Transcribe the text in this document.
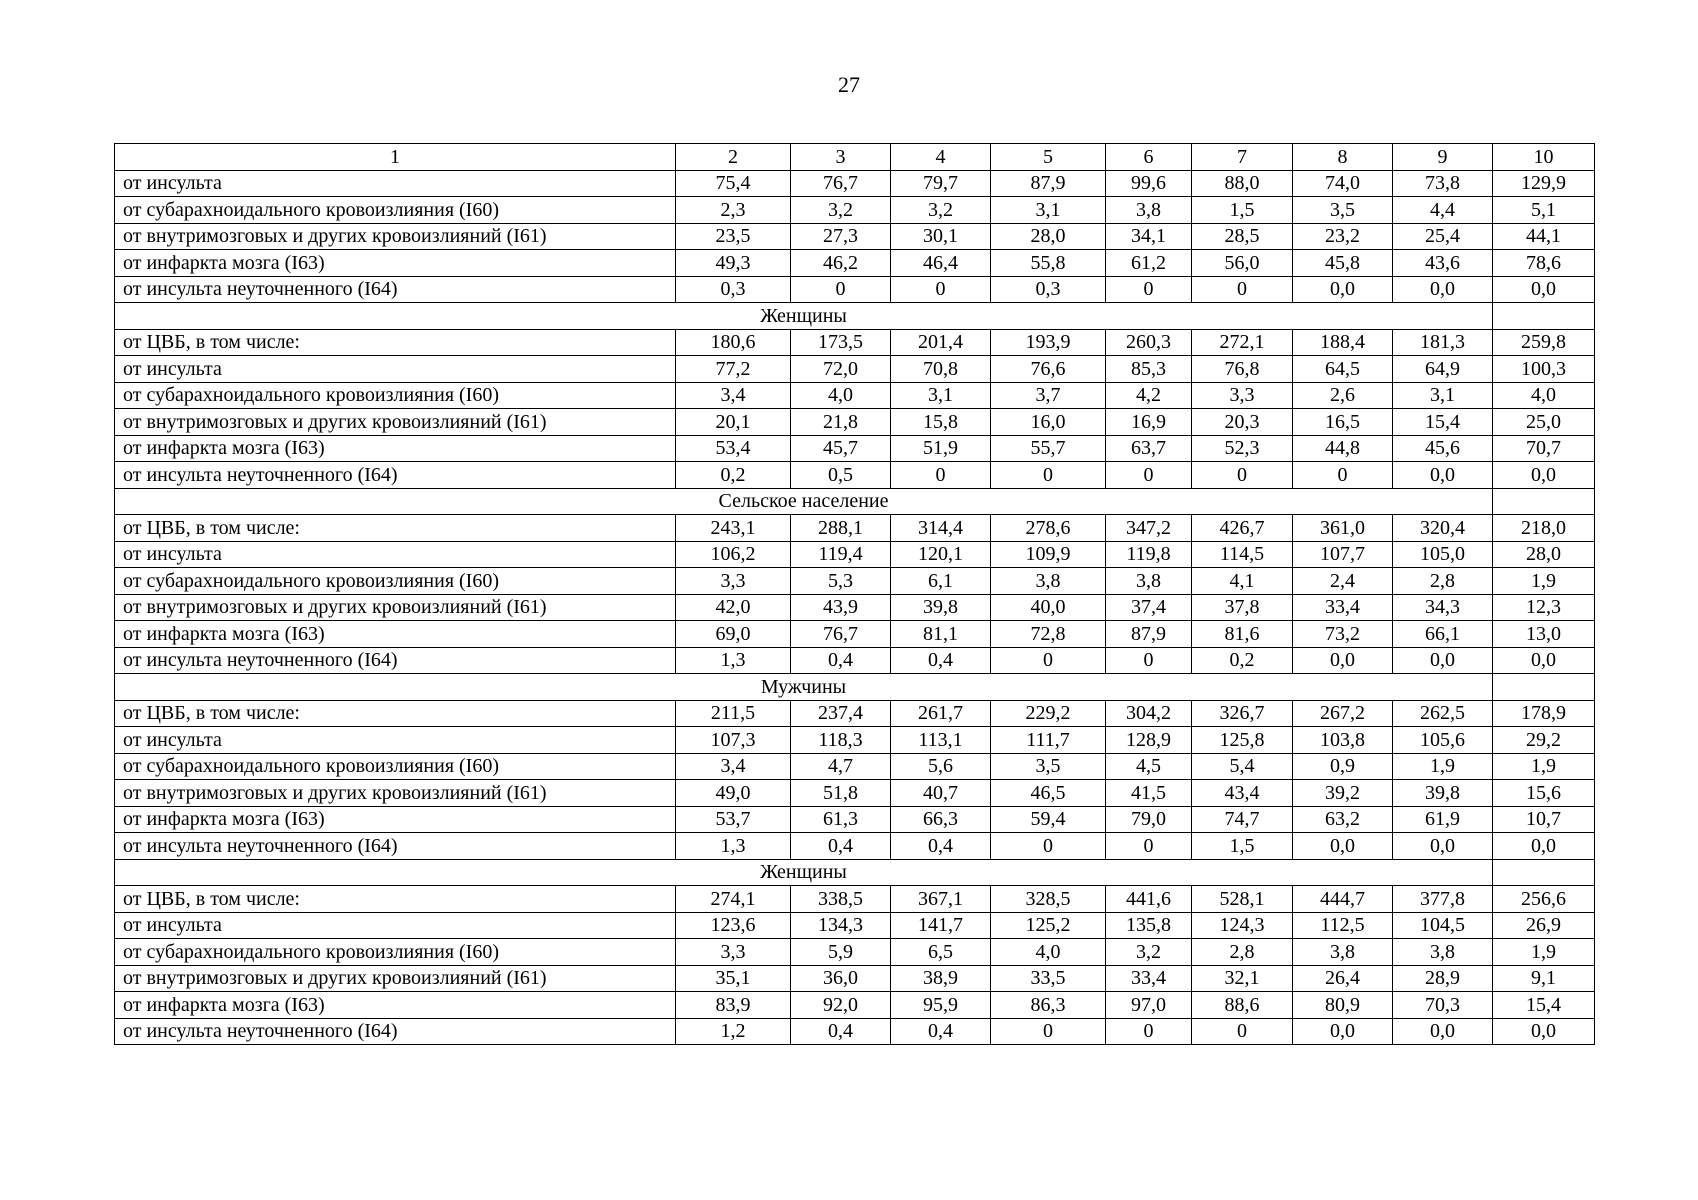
27
1	2	3	4	5	6	7	8	9	10
от инсульта	75,4	76,7	79,7	87,9	99,6	88,0	74,0	73,8	129,9
от субарахноидального кровоизлияния (I60)	2,3	3,2	3,2	3,1	3,8	1,5	3,5	4,4	5,1
от внутримозговых и других кровоизлияний (I61)	23,5	27,3	30,1	28,0	34,1	28,5	23,2	25,4	44,1
от инфаркта мозга (I63)	49,3	46,2	46,4	55,8	61,2	56,0	45,8	43,6	78,6
от инсульта неуточненного (I64)	0,3	0	0	0,3	0	0	0,0	0,0	0,0
Женщины									
от ЦВБ, в том числе:	180,6	173,5	201,4	193,9	260,3	272,1	188,4	181,3	259,8
от инсульта	77,2	72,0	70,8	76,6	85,3	76,8	64,5	64,9	100,3
от субарахноидального кровоизлияния (I60)	3,4	4,0	3,1	3,7	4,2	3,3	2,6	3,1	4,0
от внутримозговых и других кровоизлияний (I61)	20,1	21,8	15,8	16,0	16,9	20,3	16,5	15,4	25,0
от инфаркта мозга (I63)	53,4	45,7	51,9	55,7	63,7	52,3	44,8	45,6	70,7
от инсульта неуточненного (I64)	0,2	0,5	0	0	0	0	0	0,0	0,0
Сельское население									
от ЦВБ, в том числе:	243,1	288,1	314,4	278,6	347,2	426,7	361,0	320,4	218,0
от инсульта	106,2	119,4	120,1	109,9	119,8	114,5	107,7	105,0	28,0
от субарахноидального кровоизлияния (I60)	3,3	5,3	6,1	3,8	3,8	4,1	2,4	2,8	1,9
от внутримозговых и других кровоизлияний (I61)	42,0	43,9	39,8	40,0	37,4	37,8	33,4	34,3	12,3
от инфаркта мозга (I63)	69,0	76,7	81,1	72,8	87,9	81,6	73,2	66,1	13,0
от инсульта неуточненного (I64)	1,3	0,4	0,4	0	0	0,2	0,0	0,0	0,0
Мужчины									
от ЦВБ, в том числе:	211,5	237,4	261,7	229,2	304,2	326,7	267,2	262,5	178,9
от инсульта	107,3	118,3	113,1	111,7	128,9	125,8	103,8	105,6	29,2
от субарахноидального кровоизлияния (I60)	3,4	4,7	5,6	3,5	4,5	5,4	0,9	1,9	1,9
от внутримозговых и других кровоизлияний (I61)	49,0	51,8	40,7	46,5	41,5	43,4	39,2	39,8	15,6
от инфаркта мозга (I63)	53,7	61,3	66,3	59,4	79,0	74,7	63,2	61,9	10,7
от инсульта неуточненного (I64)	1,3	0,4	0,4	0	0	1,5	0,0	0,0	0,0
Женщины									
от ЦВБ, в том числе:	274,1	338,5	367,1	328,5	441,6	528,1	444,7	377,8	256,6
от инсульта	123,6	134,3	141,7	125,2	135,8	124,3	112,5	104,5	26,9
от субарахноидального кровоизлияния (I60)	3,3	5,9	6,5	4,0	3,2	2,8	3,8	3,8	1,9
от внутримозговых и других кровоизлияний (I61)	35,1	36,0	38,9	33,5	33,4	32,1	26,4	28,9	9,1
от инфаркта мозга (I63)	83,9	92,0	95,9	86,3	97,0	88,6	80,9	70,3	15,4
от инсульта неуточненного (I64)	1,2	0,4	0,4	0	0	0	0,0	0,0	0,0
